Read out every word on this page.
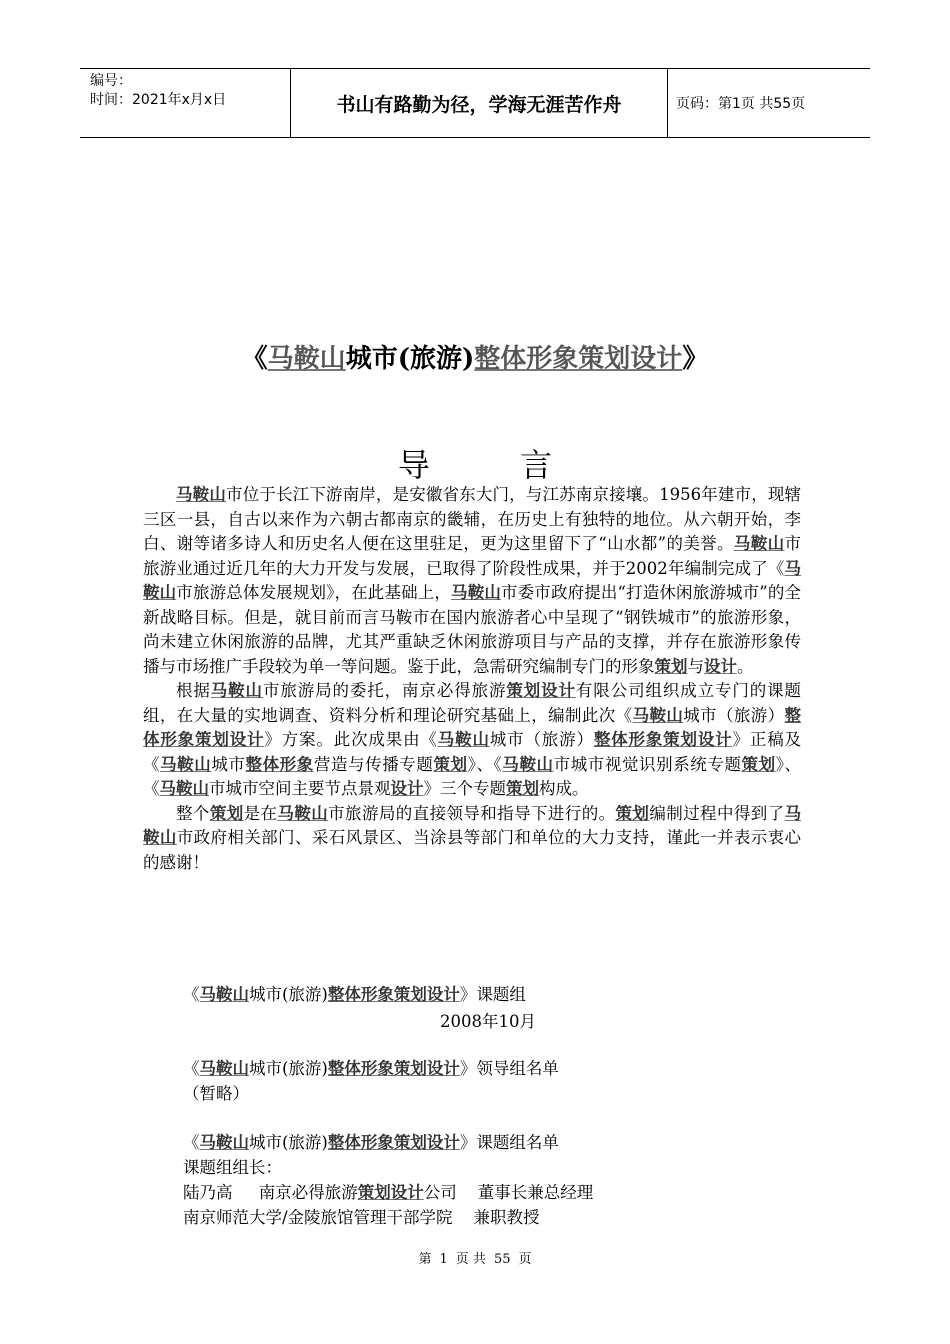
编号：
时间：2021年x月x日	书山有路勤为径，学海无涯苦作舟	页码：第1页 共55页
《马鞍山城市(旅游)整体形象策划设计》
导 言

马鞍山市位于长江下游南岸，是安徽省东大门，与江苏南京接壤。1956年建市，现辖三区一县，自古以来作为六朝古都南京的畿辅，在历史上有独特的地位。从六朝开始，李白、谢等诸多诗人和历史名人便在这里驻足，更为这里留下了“山水都”的美誉。马鞍山市旅游业通过近几年的大力开发与发展，已取得了阶段性成果，并于2002年编制完成了《马鞍山市旅游总体发展规划》，在此基础上，马鞍山市委市政府提出“打造休闲旅游城市”的全新战略目标。但是，就目前而言马鞍市在国内旅游者心中呈现了“钢铁城市”的旅游形象，尚未建立休闲旅游的品牌，尤其严重缺乏休闲旅游项目与产品的支撑，并存在旅游形象传播与市场推广手段较为单一等问题。鉴于此，急需研究编制专门的形象策划与设计。

根据马鞍山市旅游局的委托，南京必得旅游策划设计有限公司组织成立专门的课题组，在大量的实地调查、资料分析和理论研究基础上，编制此次《马鞍山城市（旅游）整体形象策划设计》方案。此次成果由《马鞍山城市（旅游）整体形象策划设计》正稿及《马鞍山城市整体形象营造与传播专题策划》、《马鞍山市城市视觉识别系统专题策划》、《马鞍山市城市空间主要节点景观设计》三个专题策划构成。

整个策划是在马鞍山市旅游局的直接领导和指导下进行的。策划编制过程中得到了马鞍山市政府相关部门、采石风景区、当涂县等部门和单位的大力支持，谨此一并表示衷心的感谢！

《马鞍山城市(旅游)整体形象策划设计》课题组
2008年10月
《马鞍山城市(旅游)整体形象策划设计》领导组名单
（暂略）
《马鞍山城市(旅游)整体形象策划设计》课题组名单
课题组组长：
陆乃高     南京必得旅游策划设计公司    董事长兼总经理
南京师范大学/金陵旅馆管理干部学院    兼职教授
第 1 页 共 55 页
